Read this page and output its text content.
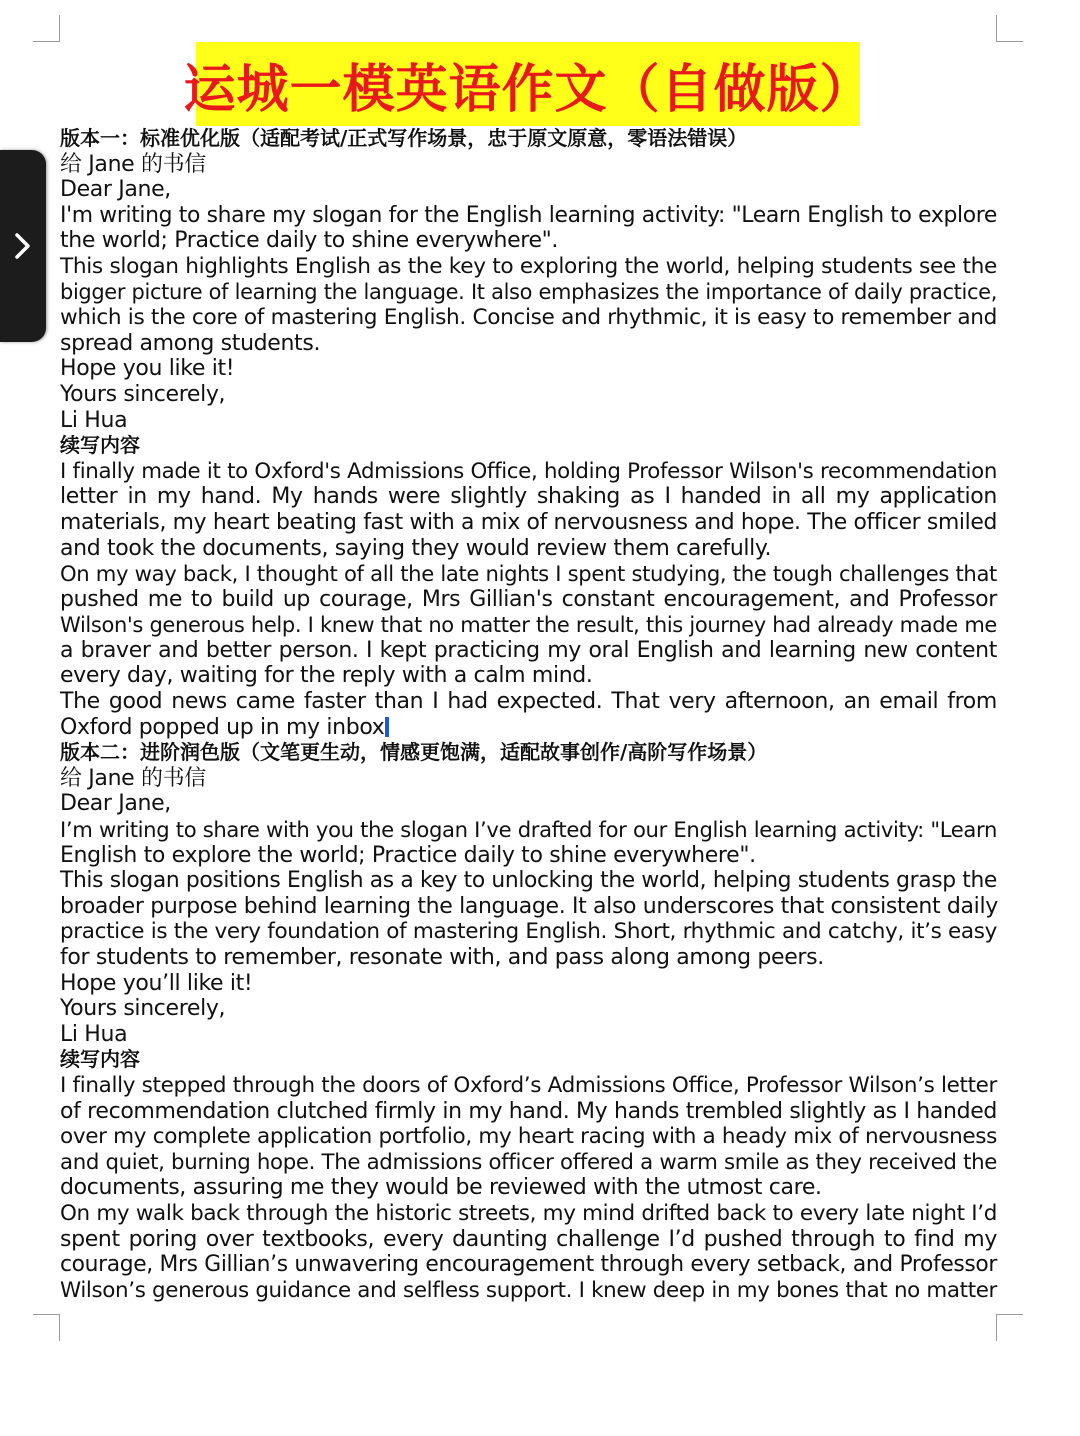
运城一模英语作文（自做版）
版本一：标准优化版（适配考试/正式写作场景，忠于原文原意，零语法错误）
给 Jane 的书信
Dear Jane,
I'm writing to share my slogan for the English learning activity: "Learn English to explore
the world; Practice daily to shine everywhere".
This slogan highlights English as the key to exploring the world, helping students see the
bigger picture of learning the language. It also emphasizes the importance of daily practice,
which is the core of mastering English. Concise and rhythmic, it is easy to remember and
spread among students.
Hope you like it!
Yours sincerely,
Li Hua
续写内容
I finally made it to Oxford's Admissions Office, holding Professor Wilson's recommendation
letter in my hand. My hands were slightly shaking as I handed in all my application
materials, my heart beating fast with a mix of nervousness and hope. The officer smiled
and took the documents, saying they would review them carefully.
On my way back, I thought of all the late nights I spent studying, the tough challenges that
pushed me to build up courage, Mrs Gillian's constant encouragement, and Professor
Wilson's generous help. I knew that no matter the result, this journey had already made me
a braver and better person. I kept practicing my oral English and learning new content
every day, waiting for the reply with a calm mind.
The good news came faster than I had expected. That very afternoon, an email from
Oxford popped up in my inbox
版本二：进阶润色版（文笔更生动，情感更饱满，适配故事创作/高阶写作场景）
给 Jane 的书信
Dear Jane,
I’m writing to share with you the slogan I’ve drafted for our English learning activity: "Learn
English to explore the world; Practice daily to shine everywhere".
This slogan positions English as a key to unlocking the world, helping students grasp the
broader purpose behind learning the language. It also underscores that consistent daily
practice is the very foundation of mastering English. Short, rhythmic and catchy, it’s easy
for students to remember, resonate with, and pass along among peers.
Hope you’ll like it!
Yours sincerely,
Li Hua
续写内容
I finally stepped through the doors of Oxford’s Admissions Office, Professor Wilson’s letter
of recommendation clutched firmly in my hand. My hands trembled slightly as I handed
over my complete application portfolio, my heart racing with a heady mix of nervousness
and quiet, burning hope. The admissions officer offered a warm smile as they received the
documents, assuring me they would be reviewed with the utmost care.
On my walk back through the historic streets, my mind drifted back to every late night I’d
spent poring over textbooks, every daunting challenge I’d pushed through to find my
courage, Mrs Gillian’s unwavering encouragement through every setback, and Professor
Wilson’s generous guidance and selfless support. I knew deep in my bones that no matter
